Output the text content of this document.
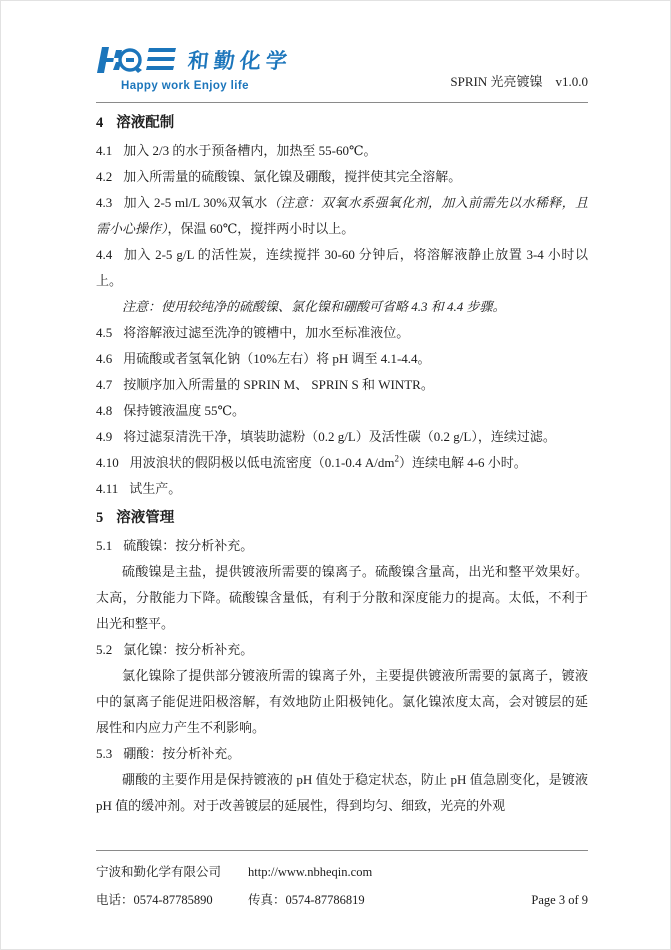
和勤化学
Happy work Enjoy life	SPRIN 光亮镀镍　v1.0.0
4 溶液配制

4.1 加入 2/3 的水于预备槽内，加热至 55-60℃。

4.2 加入所需量的硫酸镍、氯化镍及硼酸，搅拌使其完全溶解。

4.3 加入 2-5 ml/L 30%双氧水（注意：双氧水系强氧化剂，加入前需先以水稀释，且需小心操作），保温 60℃，搅拌两小时以上。

4.4 加入 2-5 g/L 的活性炭，连续搅拌 30-60 分钟后，将溶解液静止放置 3-4 小时以上。

注意：使用较纯净的硫酸镍、氯化镍和硼酸可省略 4.3 和 4.4 步骤。

4.5 将溶解液过滤至洗净的镀槽中，加水至标准液位。

4.6 用硫酸或者氢氧化钠（10%左右）将 pH 调至 4.1-4.4。

4.7 按顺序加入所需量的 SPRIN M、 SPRIN S 和 WINTR。

4.8 保持镀液温度 55℃。

4.9 将过滤泵清洗干净，填装助滤粉（0.2 g/L）及活性碳（0.2 g/L），连续过滤。

4.10 用波浪状的假阴极以低电流密度（0.1-0.4 $A/dm^2$）连续电解 4-6 小时。

4.11 试生产。

5 溶液管理

5.1 硫酸镍：按分析补充。

硫酸镍是主盐，提供镀液所需要的镍离子。硫酸镍含量高，出光和整平效果好。太高，分散能力下降。硫酸镍含量低，有利于分散和深度能力的提高。太低，不利于出光和整平。

5.2 氯化镍：按分析补充。

氯化镍除了提供部分镀液所需的镍离子外，主要提供镀液所需要的氯离子，镀液中的氯离子能促进阳极溶解，有效地防止阳极钝化。氯化镍浓度太高，会对镀层的延展性和内应力产生不利影响。

5.3 硼酸：按分析补充。

硼酸的主要作用是保持镀液的 pH 值处于稳定状态，防止 pH 值急剧变化，是镀液 pH 值的缓冲剂。对于改善镀层的延展性，得到均匀、细致，光亮的外观

宁波和勤化学有限公司	http://www.nbheqin.com
电话：0574-87785890	传真：0574-87786819	Page 3 of 9
